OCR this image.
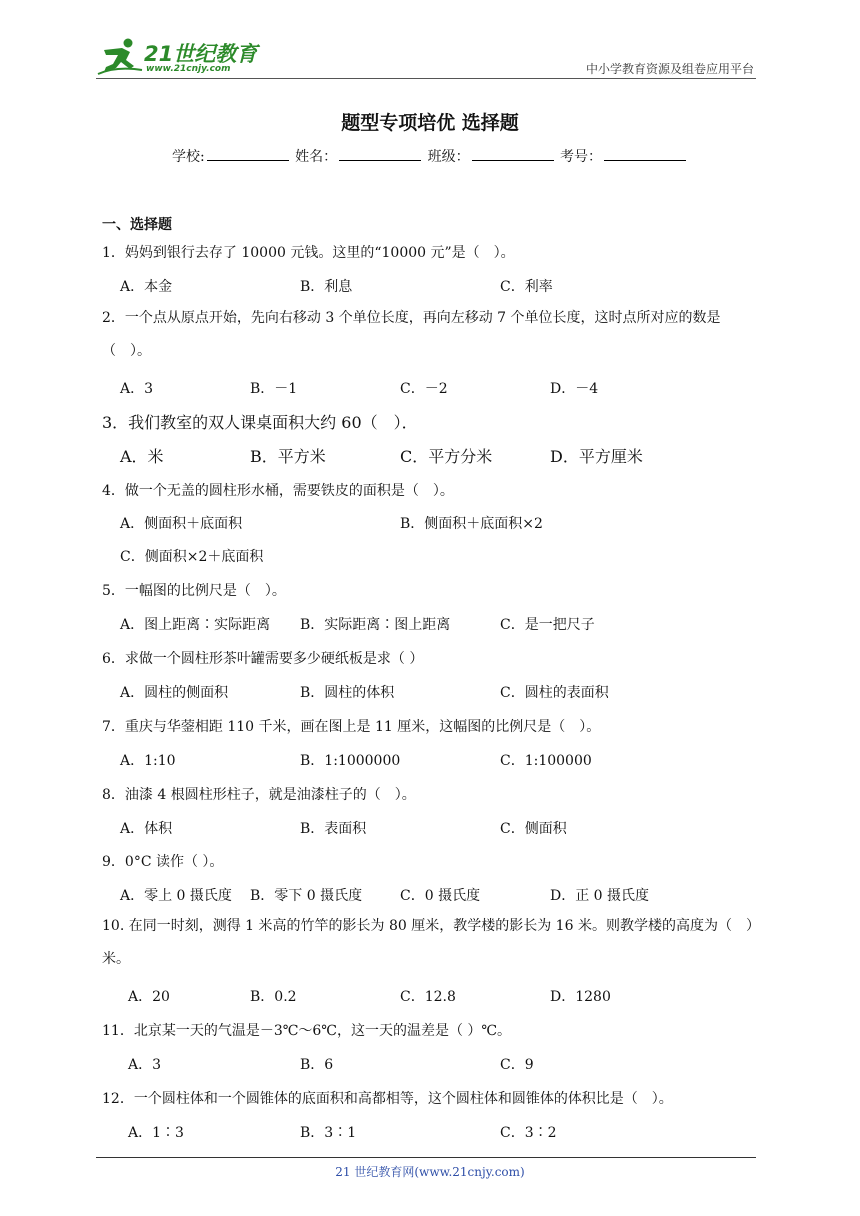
21世纪教育
www.21cnjy.com	中小学教育资源及组卷应用平台
题型专项培优 选择题
学校:	姓名：	班级：	考号：
一、选择题
1．妈妈到银行去存了 10000 元钱。这里的“10000 元”是（　）。
A．本金	B．利息	C．利率
2．一个点从原点开始，先向右移动 3 个单位长度，再向左移动 7 个单位长度，这时点所对应的数是（　）。
A．3	B．－1	C．－2	D．－4
3．我们教室的双人课桌面积大约 60（　）．
A．米	B．平方米	C．平方分米	D．平方厘米
4．做一个无盖的圆柱形水桶，需要铁皮的面积是（　）。
A．侧面积＋底面积	B．侧面积＋底面积×2
C．侧面积×2＋底面积
5．一幅图的比例尺是（　）。
A．图上距离∶实际距离 B．实际距离∶图上距离	C．是一把尺子
6．求做一个圆柱形茶叶罐需要多少硬纸板是求（ ）
A．圆柱的侧面积	B．圆柱的体积	C．圆柱的表面积
7．重庆与华蓥相距 110 千米，画在图上是 11 厘米，这幅图的比例尺是（　）。
A．1:10	B．1:1000000	C．1:100000
8．油漆 4 根圆柱形柱子，就是油漆柱子的（　）。
A．体积	B．表面积	C．侧面积
9．0°C 读作（ ）。
A．零上 0 摄氏度 B．零下 0 摄氏度	C．0 摄氏度	D．正 0 摄氏度
10. 在同一时刻，测得 1 米高的竹竿的影长为 80 厘米，教学楼的影长为 16 米。则教学楼的高度为（　）米。
A．20	B．0.2	C．12.8	D．1280
11．北京某一天的气温是－3℃～6℃，这一天的温差是（ ）℃。
A．3	B．6	C．9
12．一个圆柱体和一个圆锥体的底面积和高都相等，这个圆柱体和圆锥体的体积比是（　）。
A．1∶3	B．3∶1	C．3∶2
21 世纪教育网(www.21cnjy.com)
